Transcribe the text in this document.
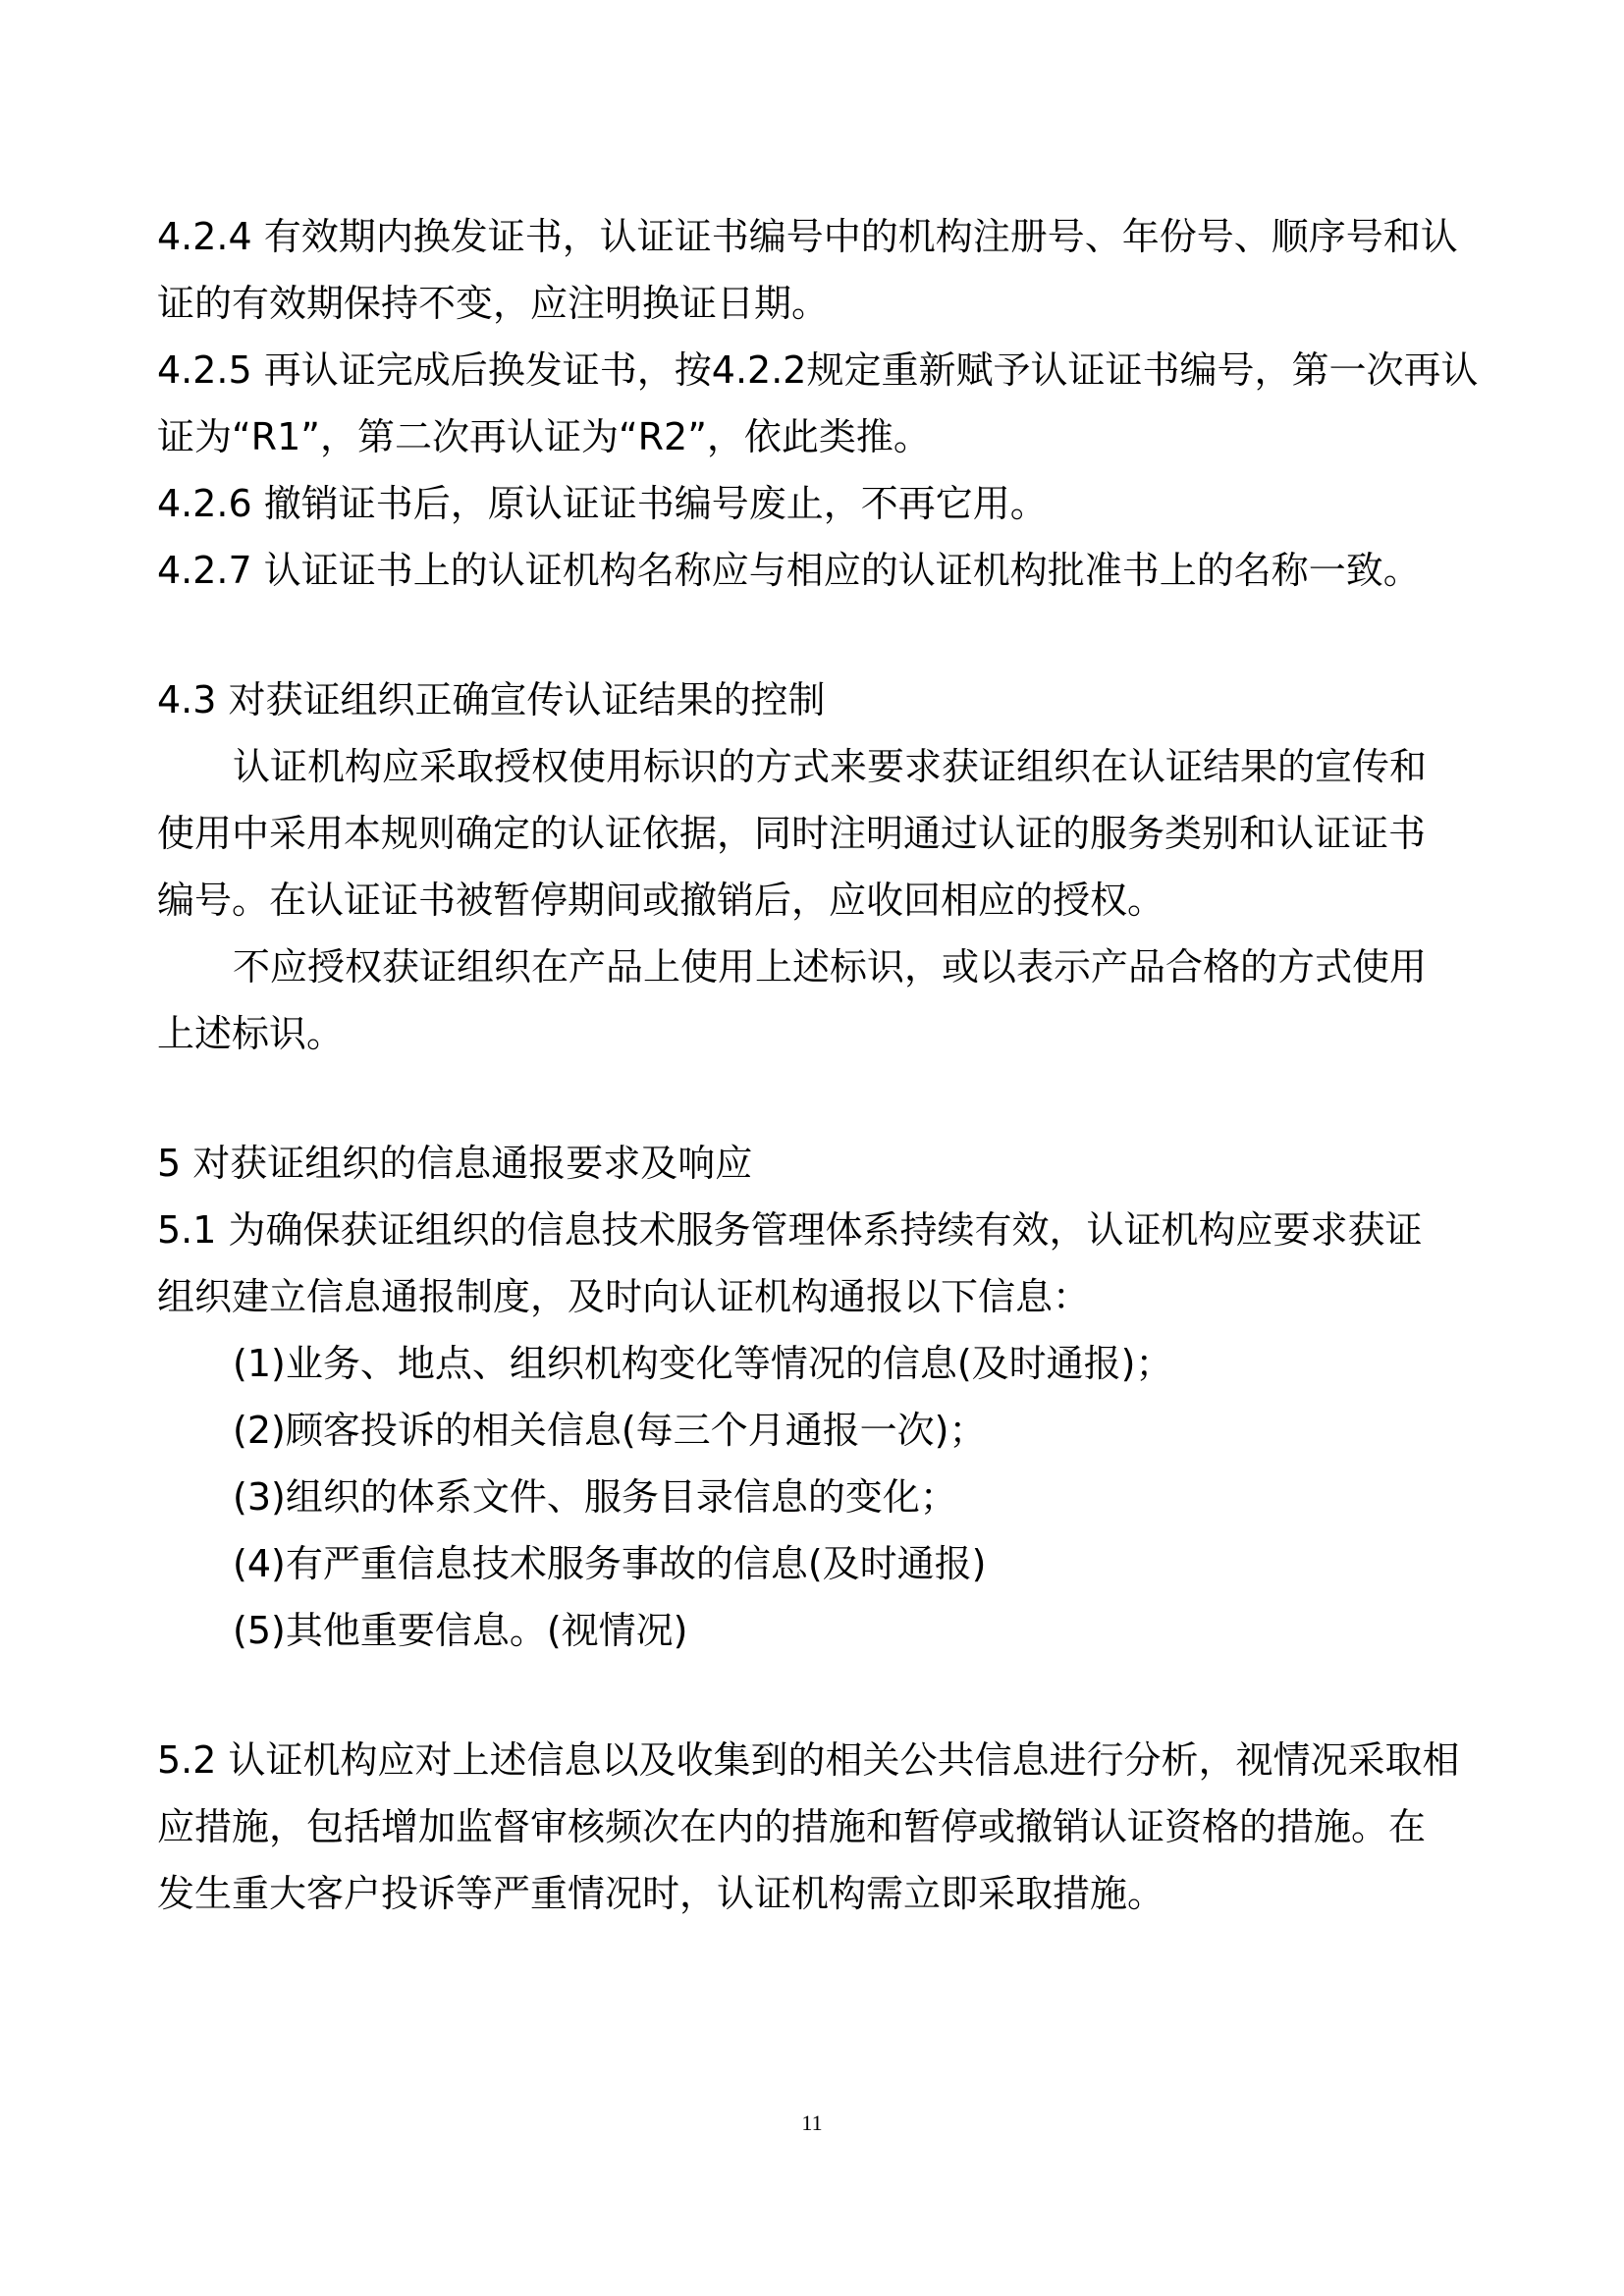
4.2.4 有效期内换发证书，认证证书编号中的机构注册号、年份号、顺序号和认
证的有效期保持不变，应注明换证日期。
4.2.5 再认证完成后换发证书，按4.2.2规定重新赋予认证证书编号，第一次再认
证为“R1”，第二次再认证为“R2”，依此类推。
4.2.6 撤销证书后，原认证证书编号废止，不再它用。
4.2.7 认证证书上的认证机构名称应与相应的认证机构批准书上的名称一致。
4.3 对获证组织正确宣传认证结果的控制
认证机构应采取授权使用标识的方式来要求获证组织在认证结果的宣传和
使用中采用本规则确定的认证依据，同时注明通过认证的服务类别和认证证书
编号。在认证证书被暂停期间或撤销后，应收回相应的授权。
不应授权获证组织在产品上使用上述标识，或以表示产品合格的方式使用
上述标识。
5 对获证组织的信息通报要求及响应
5.1 为确保获证组织的信息技术服务管理体系持续有效，认证机构应要求获证
组织建立信息通报制度，及时向认证机构通报以下信息：
(1)业务、地点、组织机构变化等情况的信息(及时通报)；
(2)顾客投诉的相关信息(每三个月通报一次)；
(3)组织的体系文件、服务目录信息的变化；
(4)有严重信息技术服务事故的信息(及时通报)
(5)其他重要信息。(视情况)
5.2 认证机构应对上述信息以及收集到的相关公共信息进行分析，视情况采取相
应措施，包括增加监督审核频次在内的措施和暂停或撤销认证资格的措施。在
发生重大客户投诉等严重情况时，认证机构需立即采取措施。
11
